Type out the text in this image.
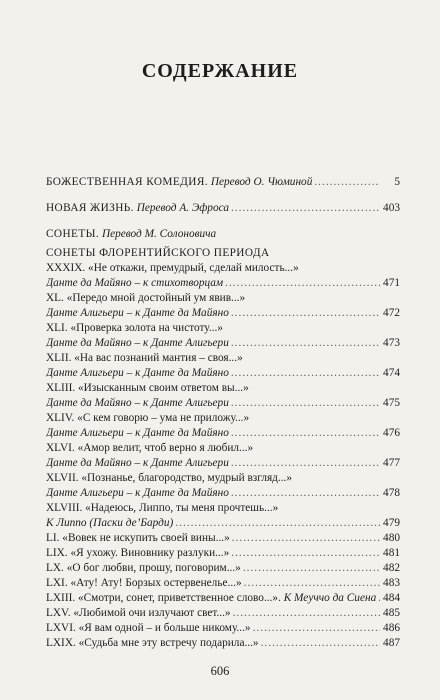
СОДЕРЖАНИЕ
БОЖЕСТВЕННАЯ КОМЕДИЯ. Перевод О. Чюминой .....	5
НОВАЯ ЖИЗНЬ. Перевод А. Эфроса .....	403
СОНЕТЫ. Перевод М. Солоновича
СОНЕТЫ ФЛОРЕНТИЙСКОГО ПЕРИОДА
XXXIX. «Не откажи, премудрый, сделай милость...»
Данте да Майяно – к стихотворцам .....	471
XL. «Передо мной достойный ум явив...»
Данте Алигьери – к Данте да Майяно .....	472
XLI. «Проверка золота на чистоту...»
Данте да Майяно – к Данте Алигьери .....	473
XLII. «На вас познаний мантия – своя...»
Данте Алигьери – к Данте да Майяно .....	474
XLIII. «Изысканным своим ответом вы...»
Данте да Майяно – к Данте Алигьери .....	475
XLIV. «С кем говорю – ума не приложу...»
Данте Алигьери – к Данте да Майяно .....	476
XLVI. «Амор велит, чтоб верно я любил...»
Данте да Майяно – к Данте Алигьери .....	477
XLVII. «Познанье, благородство, мудрый взгляд...»
Данте Алигьери – к Данте да Майяно .....	478
XLVIII. «Надеюсь, Липпо, ты меня прочтешь...»
К Липпо (Паски де’Барди) .....	479
LI. «Вовек не искупить своей вины...» .....	480
LIX. «Я ухожу. Виновнику разлуки...» .....	481
LX. «О бог любви, прошу, поговорим...» .....	482
LXI. «Ату! Ату! Борзых остервенелье...» .....	483
LXIII. «Смотри, сонет, приветственное слово...». К Меуччо да Сиена ..... 484
LXV. «Любимой очи излучают свет...» .....	485
LXVI. «Я вам одной – и больше никому...» .....	486
LXIX. «Судьба мне эту встречу подарила...» .....	487
606
